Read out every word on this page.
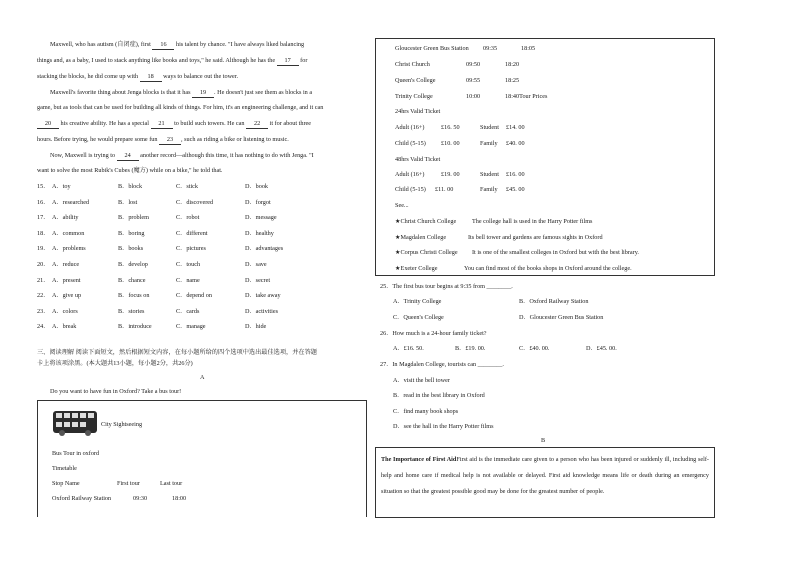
Maxwell, who has autism (自闭症), first 16 his talent by chance. "I have always liked balancing
things and, as a baby, I used to stack anything like books and toys," he said. Although he has the 17 for
stacking the blocks, he did come up with 18 ways to balance out the tower.
Maxwell's favorite thing about Jenga blocks is that it has 19 . He doesn't just see them as blocks in a
game, but as tools that can be used for building all kinds of things. For him, it's an engineering challenge, and it can
20 his creative ability. He has a special 21 to build such towers. He can 22 it for about three
hours. Before trying, he would prepare some fun 23 , such as riding a bike or listening to music.
Now, Maxwell is trying to 24 another record—although this time, it has nothing to do with Jenga. "I
want to solve the most Rubik's Cubes (魔方) while on a bike," he told that.
15． A．toy	B．block	C．stick	D．book
16． A．researched	B．lost	C．discovered	D．forgot
17． A．ability	B．problem	C．robot	D．message
18． A．common	B．boring	C．different	D．healthy
19． A．problems	B．books	C．pictures	D．advantages
20． A．reduce	B．develop	C．touch	D．save
21． A．present	B．chance	C．name	D．secret
22． A．give up	B．focus on	C．depend on	D．take away
23． A．colors	B．stories	C．cards	D．activities
24． A．break	B．introduce	C．manage	D．hide
三、阅读理解 阅读下面短文，然后根据短文内容，在每小题所给的四个选项中选出最佳选项，并在答题
卡上将该项涂黑。(本大题共13小题，每小题2分，共26分)
A
Do you want to have fun in Oxford? Take a bus tour!
City Sightseeing
Bus Tour in oxford
Timetable
Stop Name	First tour	Last tour
Oxford Railway Station	09:30	18:00
Gloucester Green Bus Station 09:35	18:05
Christ Church	09:50	18:20
Queen's College	09:55	18:25
Trinity College	10:00	18:40Tour Prices
24hrs Valid Ticket
Adult (16+)	£16. 50	Student £14. 00
Child (5-15) £10. 00	Family £40. 00
48hrs Valid Ticket
Adult (16+)	£19. 00	Student £16. 00
Child (5-15) £11. 00	Family £45. 00
See...
★Christ Church College	The college hall is used in the Harry Potter films
★Magdalen College	Its bell tower and gardens are famous sights in Oxford
★Corpus Christi College It is one of the smallest colleges in Oxford but with the best library.
★Exeter College	You can find most of the books shops in Oxford around the college.
25．The first bus tour begins at 9:35 from ________.
A．Trinity College	B．Oxford Railway Station
C．Queen's College	D．Gloucester Green Bus Station
26．How much is a 24-hour family ticket?
A．£16. 50.	B．£19. 00.	C．£40. 00.	D．£45. 00.
27．In Magdalen College, tourists can ________.
A．visit the bell tower
B．read in the best library in Oxford
C．find many book shops
D．see the hall in the Harry Potter films
B
The Importance of First AidFirst aid is the immediate care given to a person who has been injured or suddenly ill, including self-help and home care if medical help is not available or delayed. First aid knowledge means life or death during an emergency situation so that the greatest possible good may be done for the greatest number of people.
